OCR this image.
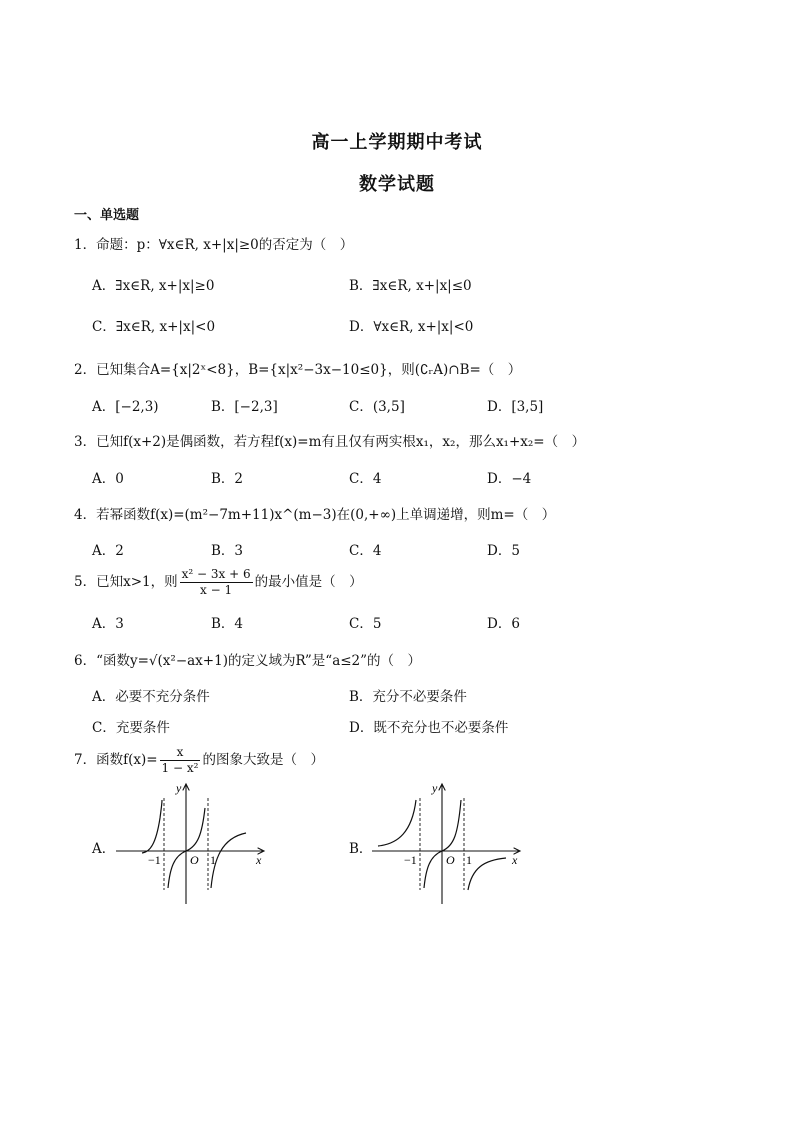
高一上学期期中考试
数学试题
一、单选题
1．命题：p：∀x∈R, x+|x|≥0的否定为（　）
A．∃x∈R, x+|x|≥0	B．∃x∈R, x+|x|≤0
C．∃x∈R, x+|x|<0	D．∀x∈R, x+|x|<0
2．已知集合A={x|2ˣ<8}，B={x|x²−3x−10≤0}，则(∁ᵣA)∩B=（　）
A．[−2,3)	B．[−2,3]	C．(3,5]	D．[3,5]
3．已知f(x+2)是偶函数，若方程f(x)=m有且仅有两实根x₁，x₂，那么x₁+x₂=（　）
A．0	B．2	C．4	D．−4
4．若幂函数f(x)=(m²−7m+11)x^(m−3)在(0,+∞)上单调递增，则m=（　）
A．2	B．3	C．4	D．5
5．已知x>1，则 $\frac{\text{x² − 3x + 6}}{x - 1}$ 的最小值是（　）
A．3	B．4	C．5	D．6
6．“函数y=√(x²−ax+1)的定义域为R”是“a≤2”的（　）
A．必要不充分条件	B．充分不必要条件
C．充要条件	D．既不充分也不必要条件
7．函数$f(x)= \frac{x}{\text{1 − x²}}$ 的图象大致是（　）
A．
y
x
O
−1	1
B．
y
x
O
−1	1
